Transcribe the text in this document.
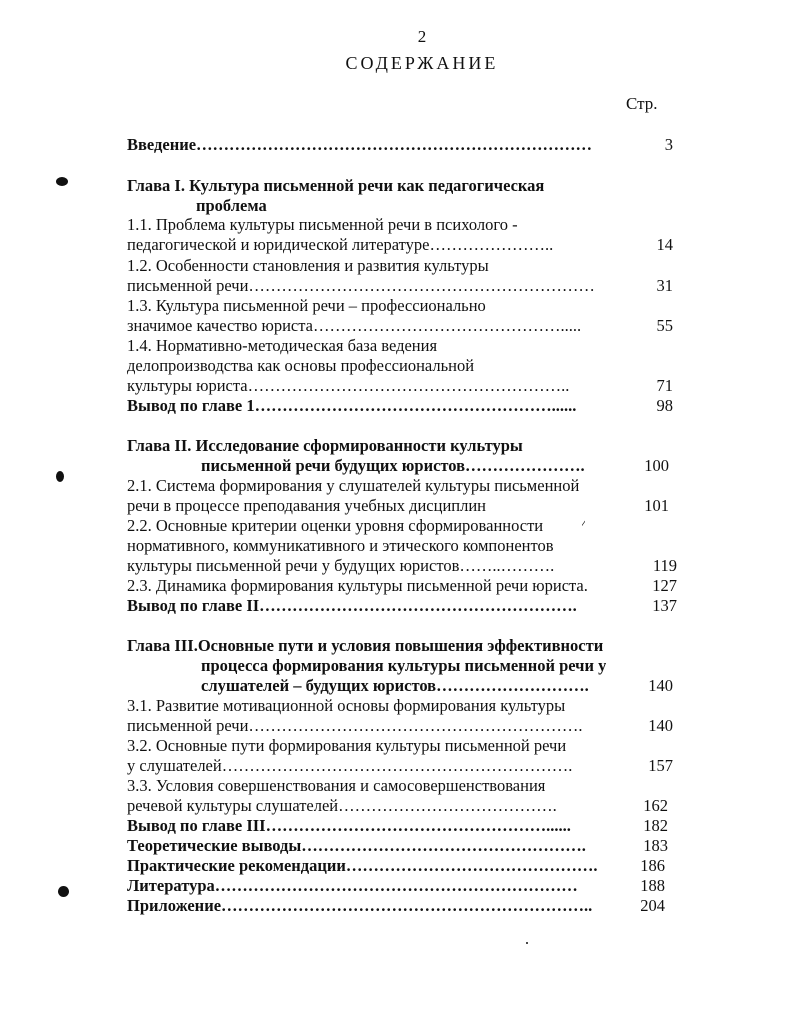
2
СОДЕРЖАНИЕ
Стр.
Введение………………………………………………………………	3
Глава I. Культура письменной речи как педагогическая
проблема
1.1. Проблема культуры письменной речи в психолого -
педагогической и юридической литературе…………………..	14
1.2. Особенности становления и развития культуры
письменной речи………………………………………………………	31
1.3. Культура письменной речи – профессионально
значимое качество юриста……………………………………….....	55
1.4. Нормативно-методическая база ведения
делопроизводства как основы профессиональной
культуры юриста…………………………………………………..	71
Вывод по главе 1………………………………………………......	98
Глава II. Исследование сформированности культуры
письменной речи будущих юристов………………….	100
2.1. Система формирования у слушателей культуры письменной
речи в процессе преподавания учебных дисциплин	101
2.2. Основные критерии оценки уровня сформированности ⁄
нормативного, коммуникативного и этического компонентов
культуры письменной речи у будущих юристов……..……….	119
2.3. Динамика формирования культуры письменной речи юриста.	127
Вывод по главе II………………………………………………….	137
Глава III.Основные пути и условия повышения эффективности
процесса формирования культуры письменной речи у
слушателей – будущих юристов……………………….	140
3.1. Развитие мотивационной основы формирования культуры
письменной речи…………………………………………………….	140
3.2. Основные пути формирования культуры письменной речи
у слушателей……………………………………………………….	157
3.3. Условия совершенствования и самосовершенствования
речевой культуры слушателей………………………………….	162
Вывод по главе III……………………………………………......	182
Теоретические выводы…………………………………………….	183
Практические рекомендации……………………………………….	186
Литература…………………………………………………………	188
Приложение…………………………………………………………..	204
